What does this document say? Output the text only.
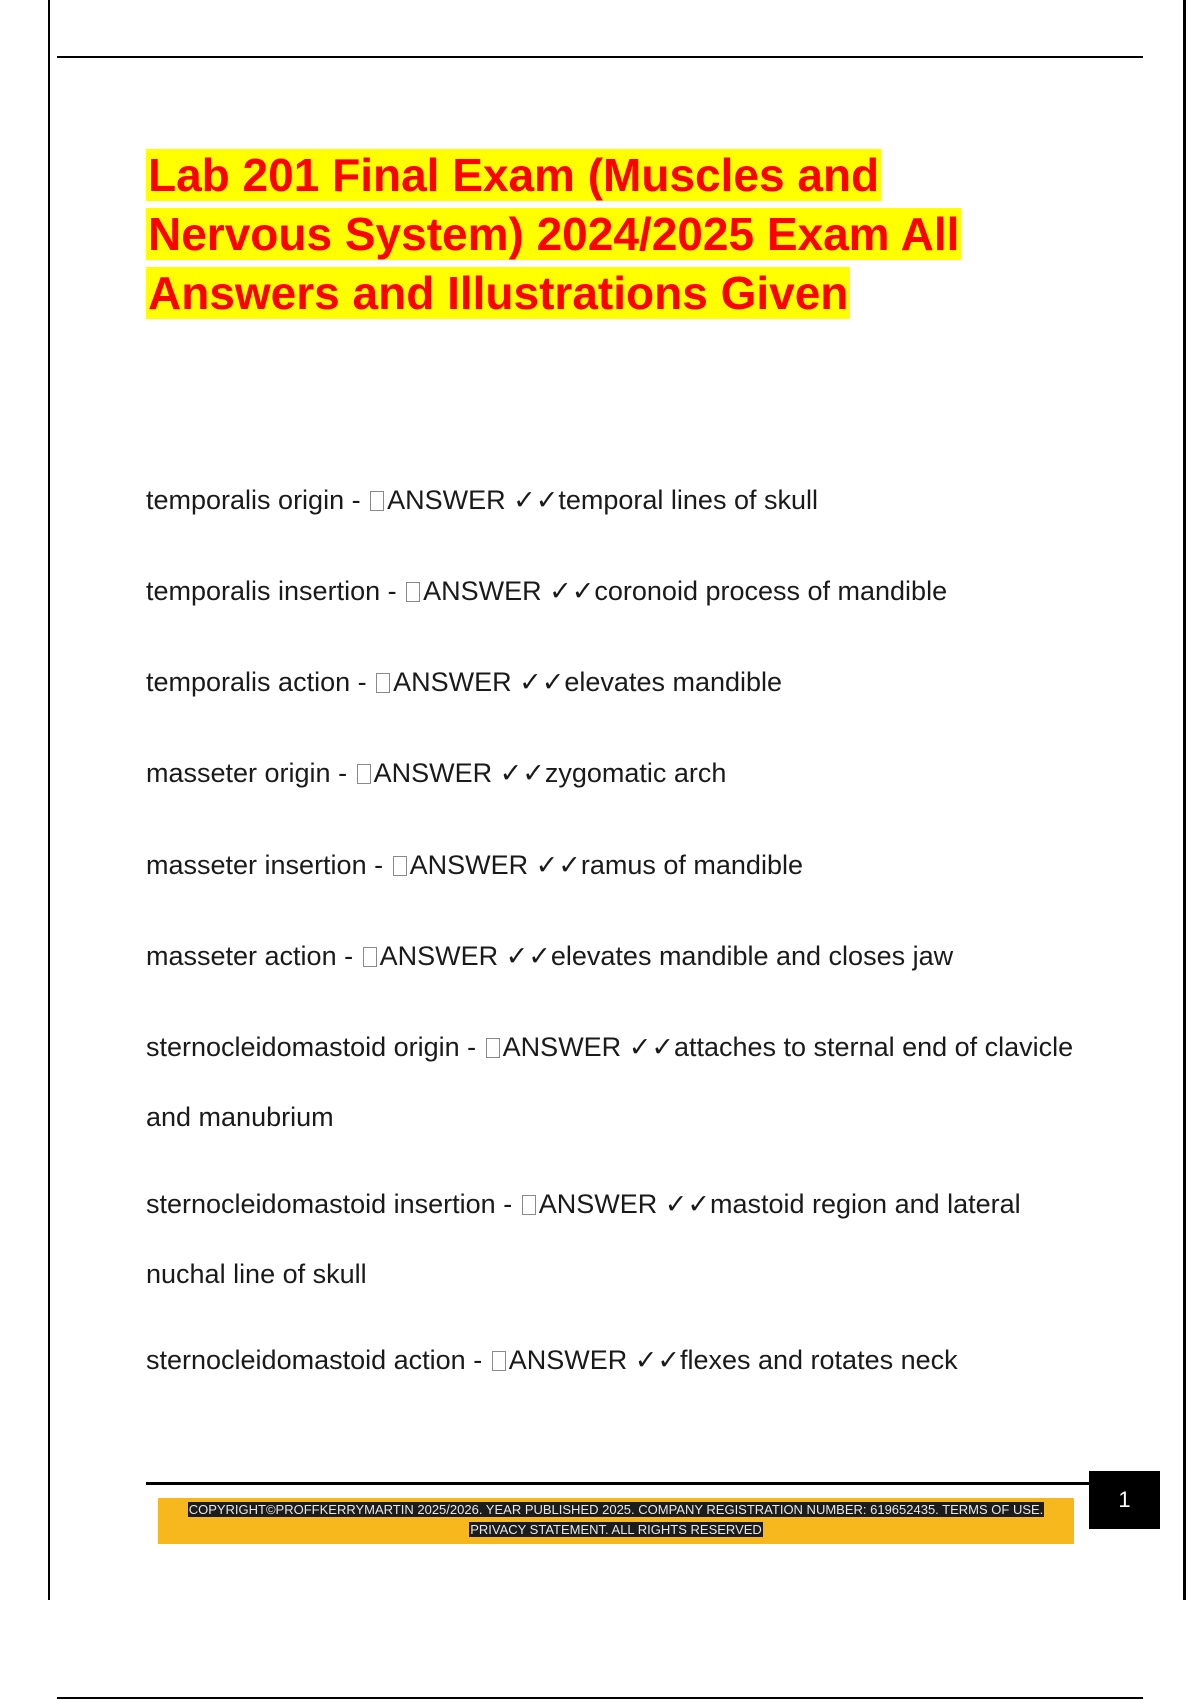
Lab 201 Final Exam (Muscles and Nervous System) 2024/2025 Exam All Answers and Illustrations Given
temporalis origin - ANSWER ✓✓temporal lines of skull
temporalis insertion - ANSWER ✓✓coronoid process of mandible
temporalis action - ANSWER ✓✓elevates mandible
masseter origin - ANSWER ✓✓zygomatic arch
masseter insertion - ANSWER ✓✓ramus of mandible
masseter action - ANSWER ✓✓elevates mandible and closes jaw
sternocleidomastoid origin - ANSWER ✓✓attaches to sternal end of clavicle and manubrium
sternocleidomastoid insertion - ANSWER ✓✓mastoid region and lateral nuchal line of skull
sternocleidomastoid action - ANSWER ✓✓flexes and rotates neck
1
COPYRIGHT©PROFFKERRYMARTIN 2025/2026. YEAR PUBLISHED 2025. COMPANY REGISTRATION NUMBER: 619652435. TERMS OF USE.
PRIVACY STATEMENT. ALL RIGHTS RESERVED
